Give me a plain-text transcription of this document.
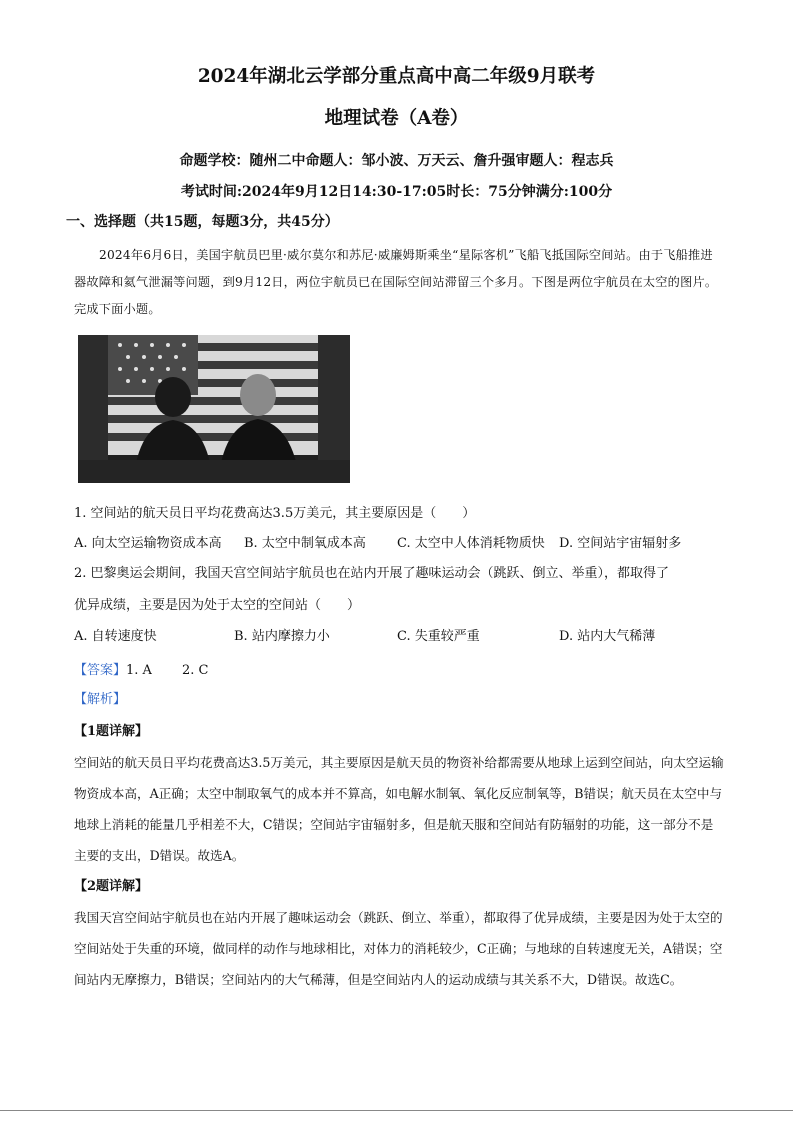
2024年湖北云学部分重点高中高二年级9月联考
地理试卷（A卷）
命题学校：随州二中命题人：邹小波、万天云、詹升强审题人：程志兵
考试时间:2024年9月12日14:30-17:05时长：75分钟满分:100分
一、选择题（共15题，每题3分，共45分）
2024年6月6日，美国宇航员巴里·威尔莫尔和苏尼·威廉姆斯乘坐“星际客机”飞船飞抵国际空间站。由于飞船推进器故障和氦气泄漏等问题，到9月12日，两位宇航员已在国际空间站滞留三个多月。下图是两位宇航员在太空的图片。完成下面小题。
1. 空间站的航天员日平均花费高达3.5万美元，其主要原因是（　　）
A. 向太空运输物资成本高 B. 太空中制氧成本高 C. 太空中人体消耗物质快 D. 空间站宇宙辐射多
2. 巴黎奥运会期间，我国天宫空间站宇航员也在站内开展了趣味运动会（跳跃、倒立、举重），都取得了
优异成绩，主要是因为处于太空的空间站（　　）
A. 自转速度快	B. 站内摩擦力小	C. 失重较严重	D. 站内大气稀薄
【答案】1. A 2. C
【解析】
【1题详解】
空间站的航天员日平均花费高达3.5万美元，其主要原因是航天员的物资补给都需要从地球上运到空间站，向太空运输物资成本高，A正确；太空中制取氧气的成本并不算高，如电解水制氧、氧化反应制氧等，B错误；航天员在太空中与地球上消耗的能量几乎相差不大，C错误；空间站宇宙辐射多，但是航天服和空间站有防辐射的功能，这一部分不是主要的支出，D错误。故选A。
【2题详解】
我国天宫空间站宇航员也在站内开展了趣味运动会（跳跃、倒立、举重），都取得了优异成绩，主要是因为处于太空的空间站处于失重的环境，做同样的动作与地球相比，对体力的消耗较少，C正确；与地球的自转速度无关，A错误；空间站内无摩擦力，B错误；空间站内的大气稀薄，但是空间站内人的运动成绩与其关系不大，D错误。故选C。
